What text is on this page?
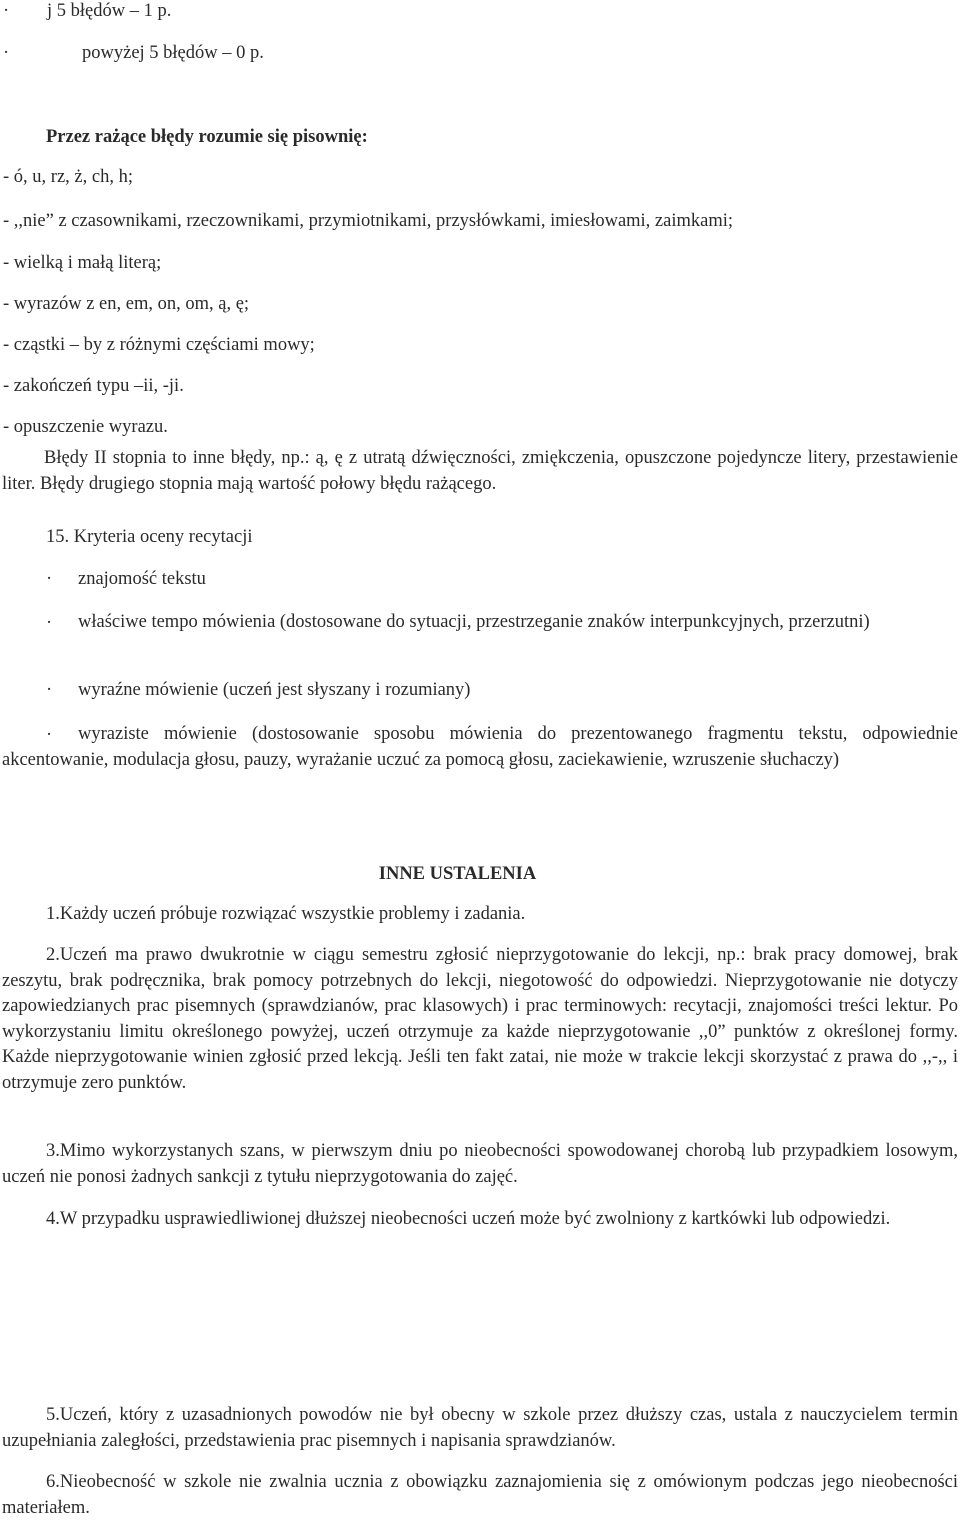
· j 5 błędów – 1 p.
·	powyżej 5 błędów – 0 p.
Przez rażące błędy rozumie się pisownię:
- ó, u, rz, ż, ch, h;
- ,,nie” z czasownikami, rzeczownikami, przymiotnikami, przysłówkami, imiesłowami, zaimkami;
- wielką i małą literą;
- wyrazów z en, em, on, om, ą, ę;
- cząstki – by z różnymi częściami mowy;
- zakończeń typu –ii, -ji.
- opuszczenie wyrazu.

Błędy II stopnia to inne błędy, np.: ą, ę z utratą dźwięczności, zmiękczenia, opuszczone pojedyncze litery, przestawienie liter. Błędy drugiego stopnia mają wartość połowy błędu rażącego.

15. Kryteria oceny recytacji
· znajomość tekstu
·	właściwe tempo mówienia (dostosowane do sytuacji, przestrzeganie znaków interpunkcyjnych, przerzutni)

· wyraźne mówienie (uczeń jest słyszany i rozumiany)
·	wyraziste mówienie (dostosowanie sposobu mówienia do prezentowanego fragmentu tekstu, odpowiednie akcentowanie, modulacja głosu, pauzy, wyrażanie uczuć za pomocą głosu, zaciekawienie, wzruszenie słuchaczy)

INNE USTALENIA

1.Każdy uczeń próbuje rozwiązać wszystkie problemy i zadania.

2.Uczeń ma prawo dwukrotnie w ciągu semestru zgłosić nieprzygotowanie do lekcji, np.: brak pracy domowej, brak zeszytu, brak podręcznika, brak pomocy potrzebnych do lekcji, niegotowość do odpowiedzi. Nieprzygotowanie nie dotyczy zapowiedzianych prac pisemnych (sprawdzianów, prac klasowych) i prac terminowych: recytacji, znajomości treści lektur. Po wykorzystaniu limitu określonego powyżej, uczeń otrzymuje za każde nieprzygotowanie ,,0” punktów z określonej formy. Każde nieprzygotowanie winien zgłosić przed lekcją. Jeśli ten fakt zatai, nie może w trakcie lekcji skorzystać z prawa do ,,-,, i otrzymuje zero punktów.

3.Mimo wykorzystanych szans, w pierwszym dniu po nieobecności spowodowanej chorobą lub przypadkiem losowym, uczeń nie ponosi żadnych sankcji z tytułu nieprzygotowania do zajęć.

4.W przypadku usprawiedliwionej dłuższej nieobecności uczeń może być zwolniony z kartkówki lub odpowiedzi.

5.Uczeń, który z uzasadnionych powodów nie był obecny w szkole przez dłuższy czas, ustala z nauczycielem termin uzupełniania zaległości, przedstawienia prac pisemnych i napisania sprawdzianów.

6.Nieobecność w szkole nie zwalnia ucznia z obowiązku zaznajomienia się z omówionym podczas jego nieobecności materiałem.
